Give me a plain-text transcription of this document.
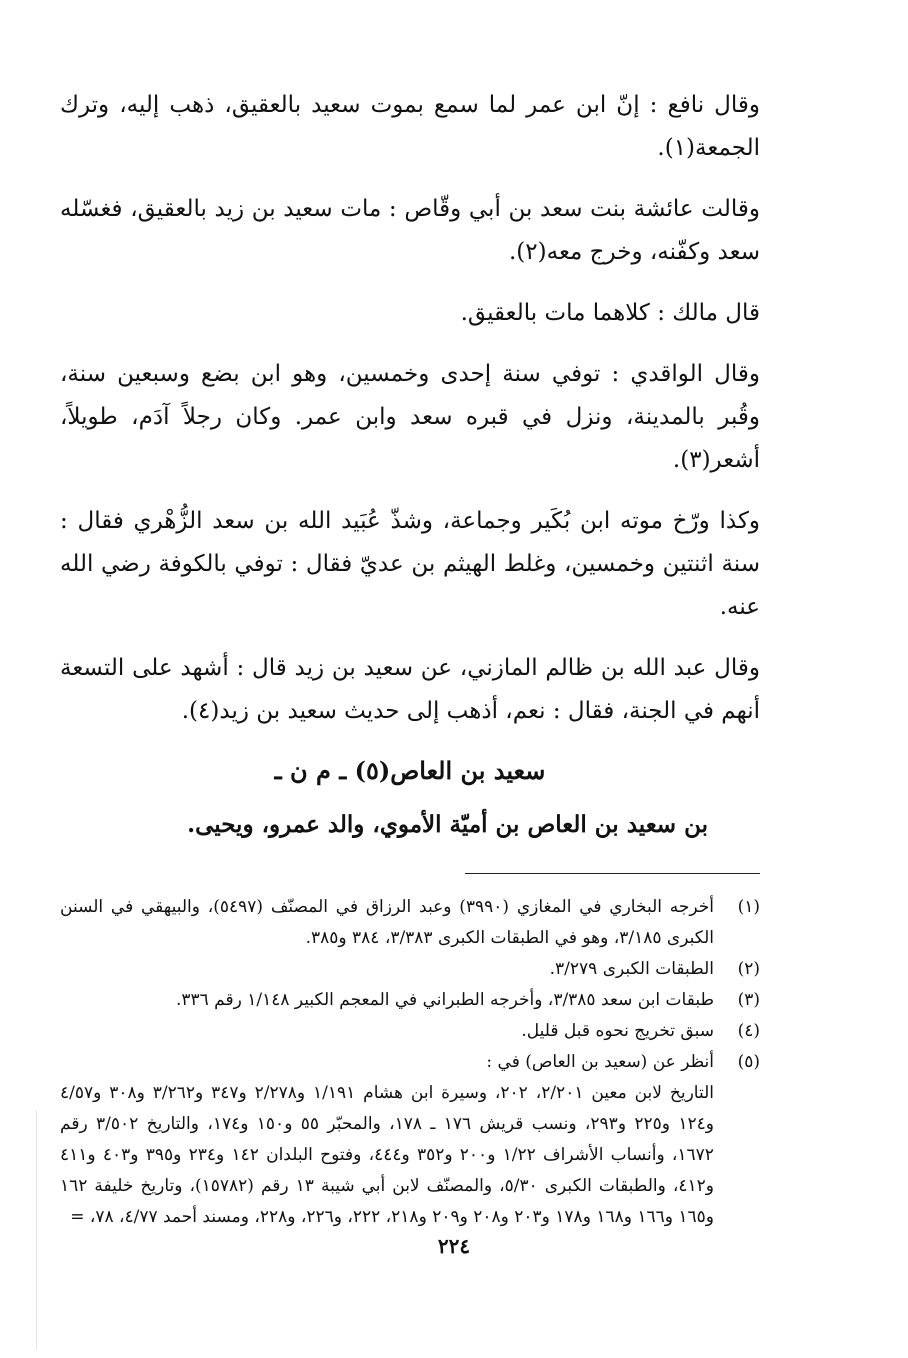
وقال نافع : إنّ ابن عمر لما سمع بموت سعيد بالعقيق، ذهب إليه، وترك الجمعة(١).

وقالت عائشة بنت سعد بن أبي وقّاص : مات سعيد بن زيد بالعقيق، فغسّله سعد وكفّنه، وخرج معه(٢).

قال مالك : كلاهما مات بالعقيق.

وقال الواقدي : توفي سنة إحدى وخمسين، وهو ابن بضع وسبعين سنة، وقُبر بالمدينة، ونزل في قبره سعد وابن عمر. وكان رجلاً آدَم، طويلاً، أشعر(٣).

وكذا ورّخ موته ابن بُكَير وجماعة، وشذّ عُبَيد الله بن سعد الزُّهْري فقال : سنة اثنتين وخمسين، وغلط الهيثم بن عديّ فقال : توفي بالكوفة رضي الله عنه.

وقال عبد الله بن ظالم المازني، عن سعيد بن زيد قال : أشهد على التسعة أنهم في الجنة، فقال : نعم، أذهب إلى حديث سعيد بن زيد(٤).

سعيد بن العاص(٥) ـ م ن ـ
بن سعيد بن العاص بن أميّة الأموي، والد عمرو، ويحيى.
(١)
أخرجه البخاري في المغازي (٣٩٩٠) وعبد الرزاق في المصنّف (٥٤٩٧)، والبيهقي في السنن الكبرى ٣/١٨٥، وهو في الطبقات الكبرى ٣/٣٨٣، ٣٨٤ و٣٨٥.
(٢)
الطبقات الكبرى ٣/٢٧٩.
(٣)
طبقات ابن سعد ٣/٣٨٥، وأخرجه الطبراني في المعجم الكبير ١/١٤٨ رقم ٣٣٦.
(٤)
سبق تخريج نحوه قبل قليل.
(٥)
أنظر عن (سعيد بن العاص) في :
التاريخ لابن معين ٢/٢٠١، ٢٠٢، وسيرة ابن هشام ١/١٩١ و٢/٢٧٨ و٣٤٧ و٣/٢٦٢ و٣٠٨ و٤/٥٧ و١٢٤ و٢٢٥ و٢٩٣، ونسب قريش ١٧٦ ـ ١٧٨، والمحبّر ٥٥ و١٥٠ و١٧٤، والتاريخ ٣/٥٠٢ رقم ١٦٧٢، وأنساب الأشراف ١/٢٢ و٢٠٠ و٣٥٢ و٤٤٤، وفتوح البلدان ١٤٢ و٢٣٤ و٣٩٥ و٤٠٣ و٤١١ و٤١٢، والطبقات الكبرى ٥/٣٠، والمصنّف لابن أبي شيبة ١٣ رقم (١٥٧٨٢)، وتاريخ خليفة ١٦٢ و١٦٥ و١٦٦ و١٦٨ و١٧٨ و٢٠٣ و٢٠٨ و٢٠٩ و٢١٨، ٢٢٢، و٢٢٦، و٢٢٨، ومسند أحمد ٤/٧٧، ٧٨، =
٢٢٤
